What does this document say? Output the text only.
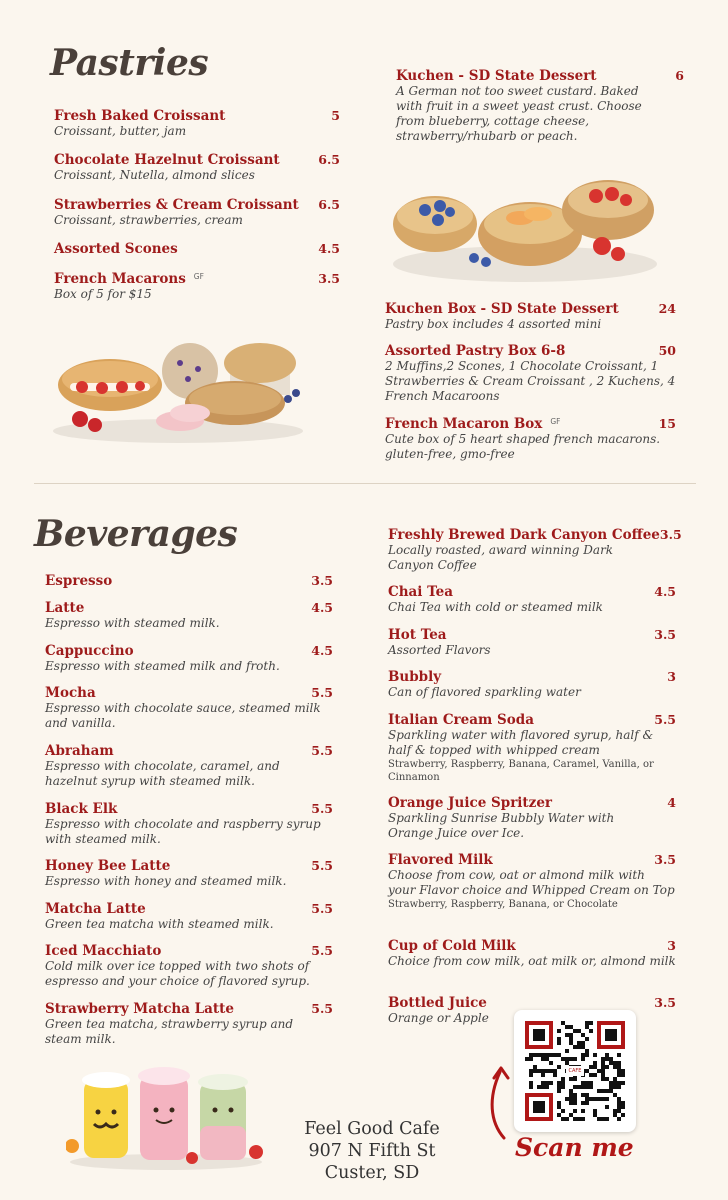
Pastries
Fresh Baked Croissant	5
Croissant, butter, jam
Chocolate Hazelnut Croissant	6.5
Croissant, Nutella, almond slices
Strawberries & Cream Croissant 6.5
Croissant, strawberries, cream
Assorted Scones	4.5
French Macarons $^{GF}$	3.5
Box of 5 for $15
Kuchen - SD State Dessert	6
A German not too sweet custard. Baked with fruit in a sweet yeast crust. Choose from blueberry, cottage cheese, strawberry/rhubarb or peach.
Kuchen Box - SD State Dessert	24
Pastry box includes 4 assorted mini
Assorted Pastry Box 6-8	50
2 Muffins,2 Scones, 1 Chocolate Croissant, 1 Strawberries & Cream Croissant , 2 Kuchens, 4 French Macaroons
French Macaron Box $^{GF}$	15
Cute box of 5 heart shaped french macarons. gluten-free, gmo-free
Beverages
Espresso	3.5
Latte	4.5
Espresso with steamed milk.
Cappuccino	4.5
Espresso with steamed milk and froth.
Mocha	5.5
Espresso with chocolate sauce, steamed milk and vanilla.
Abraham	5.5
Espresso with chocolate, caramel, and hazelnut syrup with steamed milk.
Black Elk	5.5
Espresso with chocolate and raspberry syrup with steamed milk.
Honey Bee Latte	5.5
Espresso with honey and steamed milk.
Matcha Latte	5.5
Green tea matcha with steamed milk.
Iced Macchiato	5.5
Cold milk over ice topped with two shots of espresso and your choice of flavored syrup.
Strawberry Matcha Latte	5.5
Green tea matcha, strawberry syrup and steam milk.
Freshly Brewed Dark Canyon Coffee 3.5
Locally roasted, award winning Dark Canyon Coffee
Chai Tea	4.5
Chai Tea with cold or steamed milk
Hot Tea	3.5
Assorted Flavors
Bubbly	3
Can of flavored sparkling water
Italian Cream Soda	5.5
Sparkling water with flavored syrup, half & half & topped with whipped cream
Strawberry, Raspberry, Banana, Caramel, Vanilla, or Cinnamon
Orange Juice Spritzer	4
Sparkling Sunrise Bubbly Water with Orange Juice over Ice.
Flavored Milk	3.5
Choose from cow, oat or almond milk with your Flavor choice and Whipped Cream on Top
Strawberry, Raspberry, Banana, or Chocolate
Cup of Cold Milk	3
Choice from cow milk, oat milk or, almond milk
Bottled Juice	3.5
Orange or Apple
Feel Good Cafe
907 N Fifth St
Custer, SD
CAFE
Scan me
